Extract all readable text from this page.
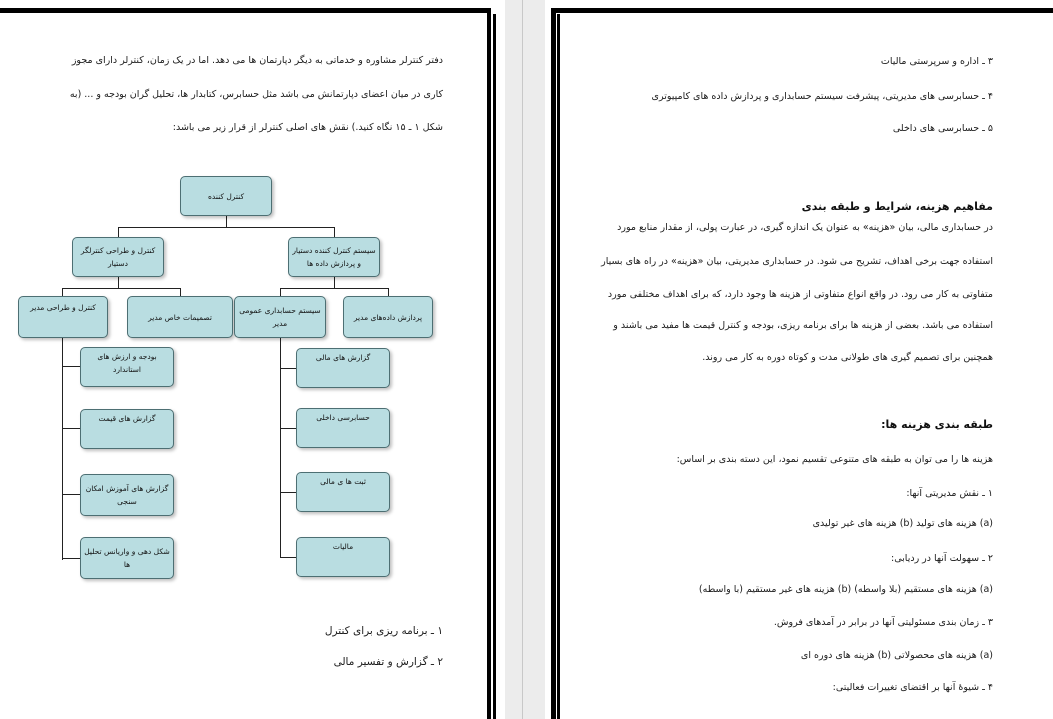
دفتر کنترلر مشاوره و خدماتی به دیگر دپارتمان ها می دهد. اما در یک زمان، کنترلر دارای مجوز
کاری در میان اعضای دپارتمانش می باشد مثل حسابرس، کتابدار ها، تحلیل گران بودجه و ... (به
شکل ۱ ـ ۱۵ نگاه کنید.) نقش های اصلی کنترلر از قرار زیر می باشد:
کنترل کننده
کنترل و طراحی کنترلگر دستیار
سیستم کنترل کننده دستیار و پردازش داده ها
کنترل و طراحی مدیر
تصمیمات خاص مدیر
سیستم حسابداری عمومی مدیر
پردازش داده‌های مدیر
بودجه و ارزش های استاندارد
گزارش های قیمت
گزارش های آموزش امکان سنجی
شکل دهی و واریانس تحلیل ها
گزارش های مالی
حسابرسی داخلی
ثبت ها ی مالی
مالیات
۱ ـ برنامه ریزی برای کنترل
۲ ـ گزارش و تفسیر مالی
۳ ـ اداره و سرپرستی مالیات
۴ ـ حسابرسی های مدیریتی، پیشرفت سیستم حسابداری و پردازش داده های کامپیوتری
۵ ـ حسابرسی های داخلی
مفاهیم هزینه، شرایط و طبقه بندی
در حسابداری مالی، بیان «هزینه» به عنوان یک اندازه گیری، در عبارت پولی، از مقدار منابع مورد
استفاده جهت برخی اهداف، تشریح می شود. در حسابداری مدیریتی، بیان «هزینه» در راه های بسیار
متفاوتی به کار می رود. در واقع انواع متفاوتی از هزینه ها وجود دارد، که برای اهداف مختلفی مورد
استفاده می باشد. بعضی از هزینه ها برای برنامه ریزی، بودجه و کنترل قیمت ها مفید می باشند و
همچنین برای تصمیم گیری های طولانی مدت و کوتاه دوره به کار می روند.
طبقه بندی هزینه ها:
هزینه ها را می توان به طبقه های متنوعی تقسیم نمود، این دسته بندی بر اساس:
۱ ـ نقش مدیریتی آنها:
(a) هزینه های تولید (b) هزینه های غیر تولیدی
۲ ـ سهولت آنها در ردیابی:
(a) هزینه های مستقیم (بلا واسطه) (b) هزینه های غیر مستقیم (با واسطه)
۳ ـ زمان بندی مسئولیتی آنها در برابر در آمدهای فروش.
(a) هزینه های محصولاتی (b) هزینه های دوره ای
۴ ـ شیوهٔ آنها بر اقتضای تغییرات فعالیتی:
